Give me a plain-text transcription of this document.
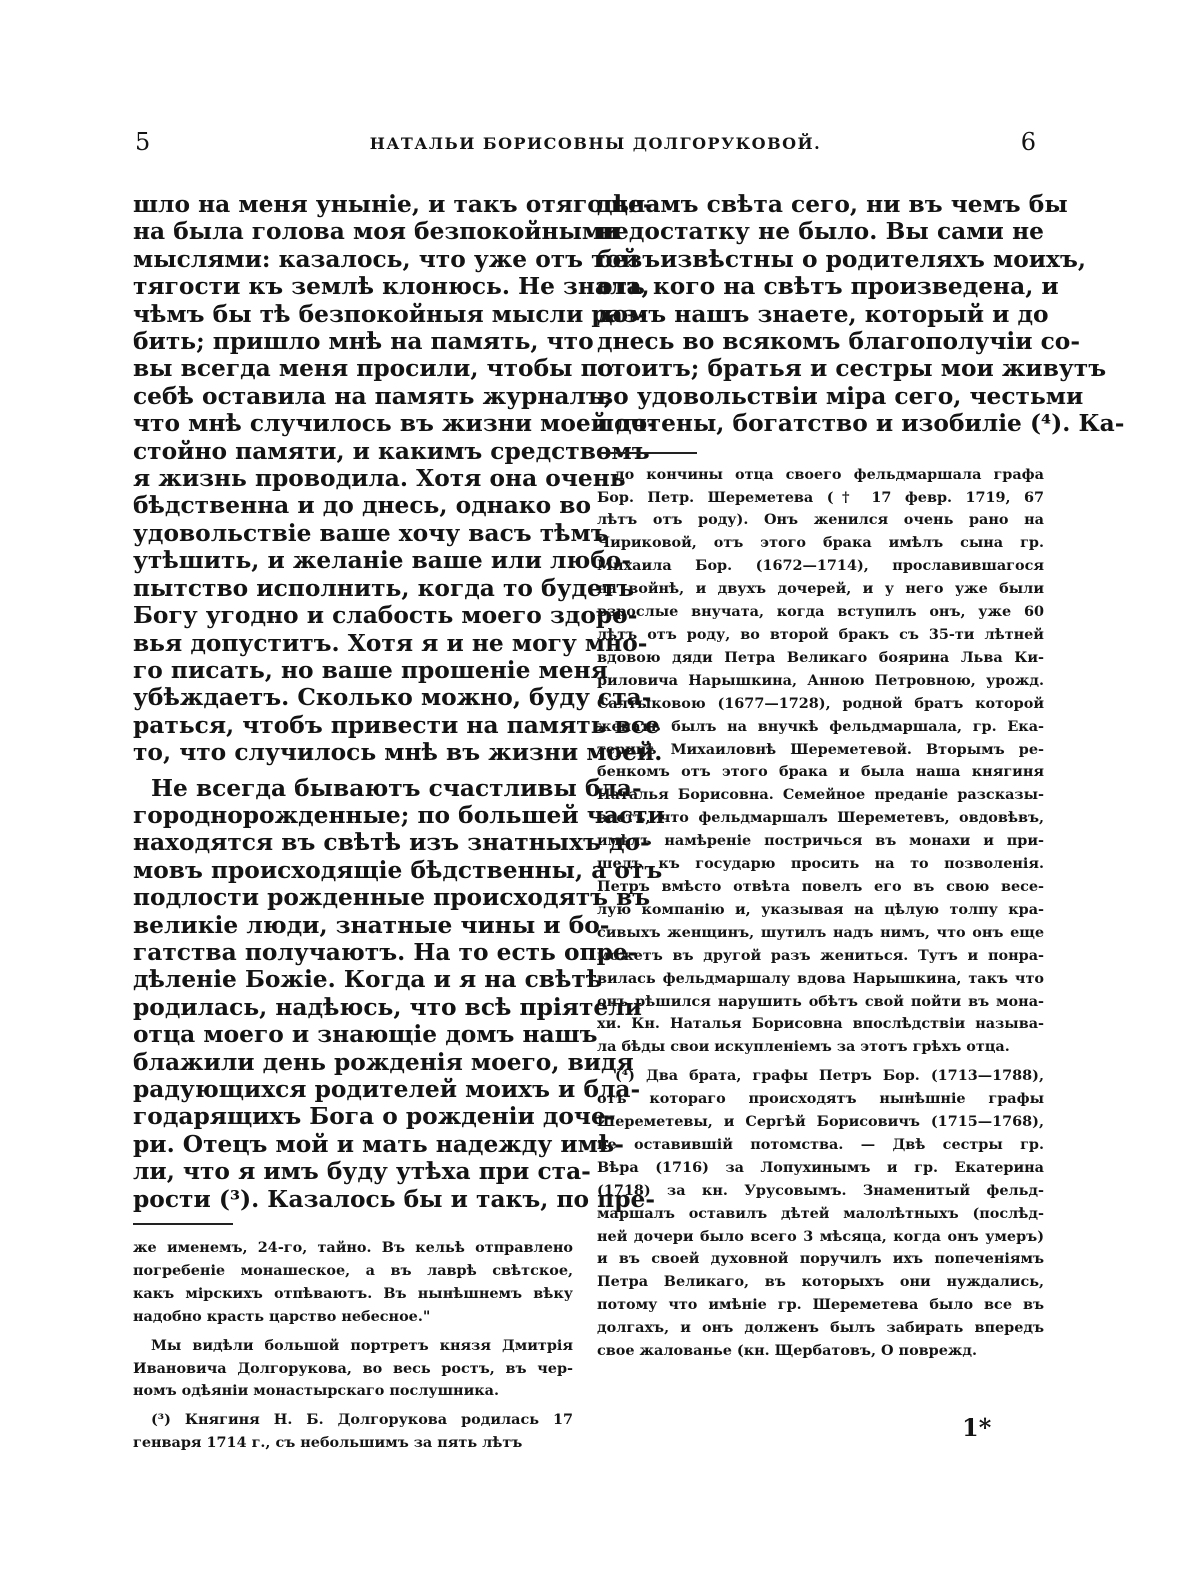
5	НАТАЛЬИ БОРИСОВНЫ ДОЛГОРУКОВОЙ.	6
шло на меня уныніе, и такъ отягоще-
на была голова моя безпокойными
мыслями: казалось, что уже отъ той
тягости къ землѣ клонюсь. Не знала,
чѣмъ бы тѣ безпокойныя мысли раз-
бить; пришло мнѣ на память, что
вы всегда меня просили, чтобы по
себѣ оставила на память журналъ,
что мнѣ случилось въ жизни моей до-
стойно памяти, и какимъ средствомъ
я жизнь проводила. Хотя она очень
бѣдственна и до днесь, однако во
удовольствіе ваше хочу васъ тѣмъ
утѣшить, и желаніе ваше или любо-
пытство исполнить, когда то будетъ
Богу угодно и слабость моего здоро-
вья допуститъ. Хотя я и не могу мно-
го писать, но ваше прошеніе меня
убѣждаетъ. Сколько можно, буду ста-
раться, чтобъ привести на память все
то, что случилось мнѣ въ жизни моей.
Не всегда бываютъ счастливы бла-
городнорожденные; по большей части
находятся въ свѣтѣ изъ знатныхъ до-
мовъ происходящіе бѣдственны, а отъ
подлости рожденные происходятъ въ
великіе люди, знатные чины и бо-
гатства получаютъ. На то есть опре-
дѣленіе Божіе. Когда и я на свѣтѣ
родилась, надѣюсь, что всѣ пріятели
отца моего и знающіе домъ нашъ
блажили день рожденія моего, видя
радующихся родителей моихъ и бла-
годарящихъ Бога о рожденіи доче-
ри. Отецъ мой и мать надежду имѣ-
ли, что я имъ буду утѣха при ста-
рости (³). Казалось бы и такъ, по пре-
же именемъ, 24-го, тайно. Въ кельѣ отправлено
погребеніе монашеское, а въ лаврѣ свѣтское,
какъ мірскихъ отпѣваютъ. Въ нынѣшнемъ вѣку
надобно красть царство небесное."
Мы видѣли большой портретъ князя Дмитрія
Ивановича Долгорукова, во весь ростъ, въ чер-
номъ одѣяніи монастырскаго послушника.
(³) Княгиня Н. Б. Долгорукова родилась 17
генваря 1714 г., съ небольшимъ за пять лѣтъ
дѣламъ свѣта сего, ни въ чемъ бы
недостатку не было. Вы сами не
безъизвѣстны о родителяхъ моихъ,
отъ кого на свѣтъ произведена, и
домъ нашъ знаете, который и до
днесь во всякомъ благополучіи со-
стоитъ; братья и сестры мои живутъ
во удовольствіи міра сего, честьми
почтены, богатство и изобиліе (⁴). Ка-
до кончины отца своего фельдмаршала графа
Бор. Петр. Шереметева († 17 февр. 1719, 67
лѣтъ отъ роду). Онъ женился очень рано на
Чириковой, отъ этого брака имѣлъ сына гр.
Михаила Бор. (1672—1714), прославившагося
на войнѣ, и двухъ дочерей, и у него уже были
взрослые внучата, когда вступилъ онъ, уже 60
лѣтъ отъ роду, во второй бракъ съ 35-ти лѣтней
вдовою дяди Петра Великаго боярина Льва Ки-
риловича Нарышкина, Анною Петровною, урожд.
Салтыковою (1677—1728), родной братъ которой
женатъ былъ на внучкѣ фельдмаршала, гр. Ека-
теринѣ Михаиловнѣ Шереметевой. Вторымъ ре-
бенкомъ отъ этого брака и была наша княгиня
Наталья Борисовна. Семейное преданіе разсказы-
ваетъ, что фельдмаршалъ Шереметевъ, овдовѣвъ,
имѣлъ намѣреніе постричься въ монахи и при-
шелъ къ государю просить на то позволенія.
Петръ вмѣсто отвѣта повелъ его въ свою весе-
лую компанію и, указывая на цѣлую толпу кра-
сивыхъ женщинъ, шутилъ надъ нимъ, что онъ еще
можетъ въ другой разъ жениться. Тутъ и понра-
вилась фельдмаршалу вдова Нарышкина, такъ что
онъ рѣшился нарушить обѣтъ свой пойти въ мона-
хи. Кн. Наталья Борисовна впослѣдствіи называ-
ла бѣды свои искупленіемъ за этотъ грѣхъ отца.
(⁴) Два брата, графы Петръ Бор. (1713—1788),
отъ котораго происходятъ нынѣшніе графы
Шереметевы, и Сергѣй Борисовичъ (1715—1768),
не оставившій потомства. — Двѣ сестры гр.
Вѣра (1716) за Лопухинымъ и гр. Екатерина
(1718) за кн. Урусовымъ. Знаменитый фельд-
маршалъ оставилъ дѣтей малолѣтныхъ (послѣд-
ней дочери было всего 3 мѣсяца, когда онъ умеръ)
и въ своей духовной поручилъ ихъ попеченіямъ
Петра Великаго, въ которыхъ они нуждались,
потому что имѣніе гр. Шереметева было все въ
долгахъ, и онъ долженъ былъ забирать впередъ
свое жалованье (кн. Щербатовъ, О поврежд.
1*
